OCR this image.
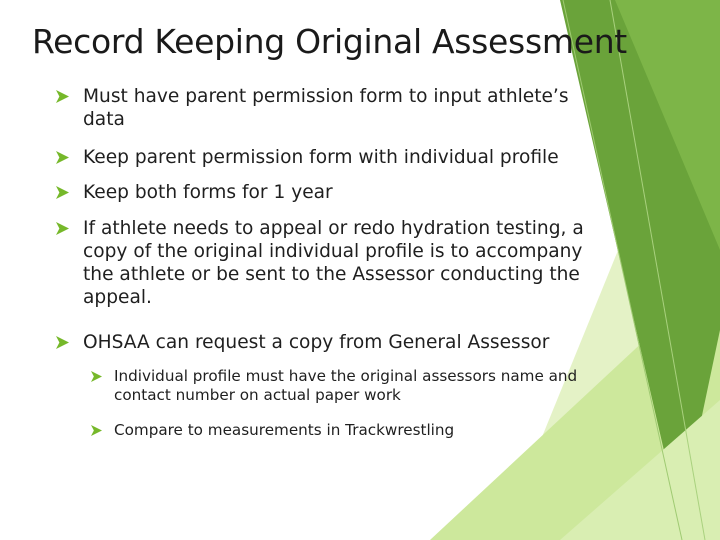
Record Keeping Original Assessment
Must have parent permission form to input athlete’s
data
Keep parent permission form with individual profile
Keep both forms for 1 year
If athlete needs to appeal or redo hydration testing, a
copy of the original individual profile is to accompany
the athlete or be sent to the Assessor conducting the
appeal.
OHSAA can request a copy from General Assessor
Individual profile must have the original assessors name and
contact number on actual paper work
Compare to measurements in Trackwrestling
